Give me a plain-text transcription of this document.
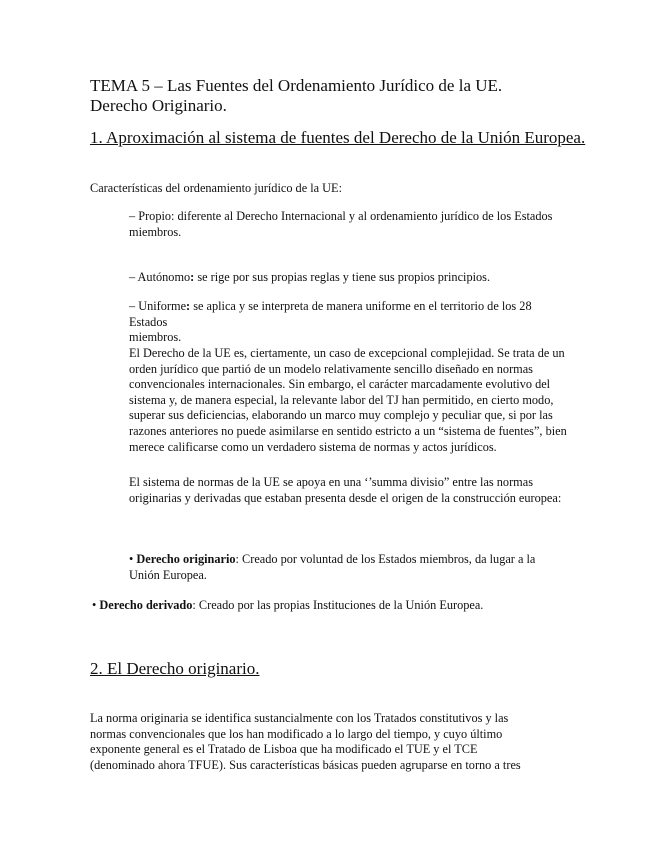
TEMA 5 – Las Fuentes del Ordenamiento Jurídico de la UE.
Derecho Originario.
1. Aproximación al sistema de fuentes del Derecho de la Unión Europea.
Características del ordenamiento jurídico de la UE:
– Propio: diferente al Derecho Internacional y al ordenamiento jurídico de los Estados
miembros.
– Autónomo: se rige por sus propias reglas y tiene sus propios principios.
– Uniforme: se aplica y se interpreta de manera uniforme en el territorio de los 28 Estados
miembros.
El Derecho de la UE es, ciertamente, un caso de excepcional complejidad. Se trata de un orden jurídico que partió de un modelo relativamente sencillo diseñado en normas convencionales internacionales. Sin embargo, el carácter marcadamente evolutivo del sistema y, de manera especial, la relevante labor del TJ han permitido, en cierto modo, superar sus deficiencias, elaborando un marco muy complejo y peculiar que, si por las razones anteriores no puede asimilarse en sentido estricto a un “sistema de fuentes”, bien merece calificarse como un verdadero sistema de normas y actos jurídicos.
El sistema de normas de la UE se apoya en una ‘’summa divisio” entre las normas originarias y derivadas que estaban presenta desde el origen de la construcción europea:
• Derecho originario: Creado por voluntad de los Estados miembros, da lugar a la Unión Europea.
• Derecho derivado: Creado por las propias Instituciones de la Unión Europea.
2. El Derecho originario.
La norma originaria se identifica sustancialmente con los Tratados constitutivos y las normas convencionales que los han modificado a lo largo del tiempo, y cuyo último exponente general es el Tratado de Lisboa que ha modificado el TUE y el TCE (denominado ahora TFUE). Sus características básicas pueden agruparse en torno a tres
